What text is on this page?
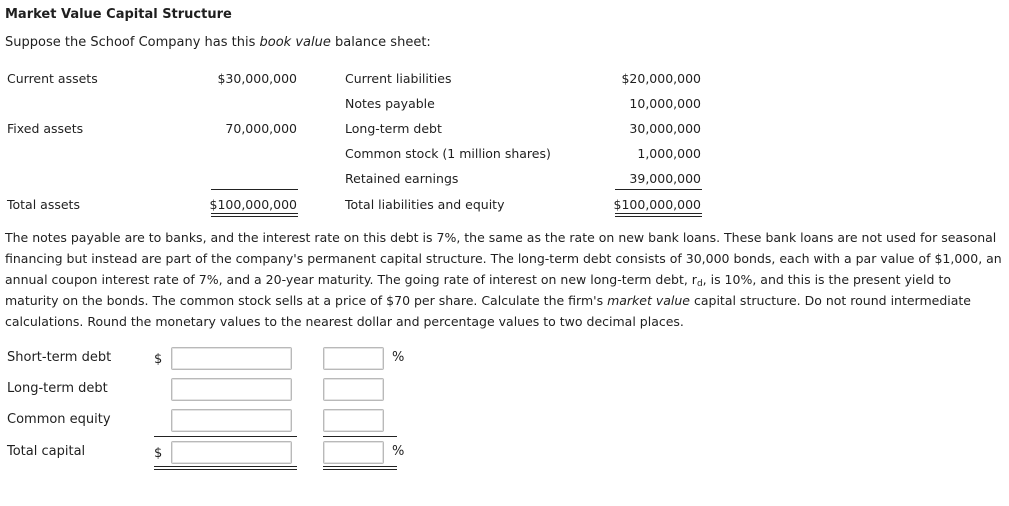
Market Value Capital Structure
Suppose the Schoof Company has this book value balance sheet:
Current assets	$30,000,000	Current liabilities	$20,000,000
Notes payable	10,000,000
Fixed assets	70,000,000	Long-term debt	30,000,000
Common stock (1 million shares)	1,000,000
Retained earnings	39,000,000
Total assets	$100,000,000	Total liabilities and equity	$100,000,000
The notes payable are to banks, and the interest rate on this debt is 7%, the same as the rate on new bank loans. These bank loans are not used for seasonal financing but instead are part of the company's permanent capital structure. The long-term debt consists of 30,000 bonds, each with a par value of $1,000, an annual coupon interest rate of 7%, and a 20-year maturity. The going rate of interest on new long-term debt, $r_d$, is 10%, and this is the present yield to maturity on the bonds. The common stock sells at a price of $70 per share. Calculate the firm's market value capital structure. Do not round intermediate calculations. Round the monetary values to the nearest dollar and percentage values to two decimal places.
Short-term debt	$	%
Long-term debt
Common equity
Total capital	$	%
